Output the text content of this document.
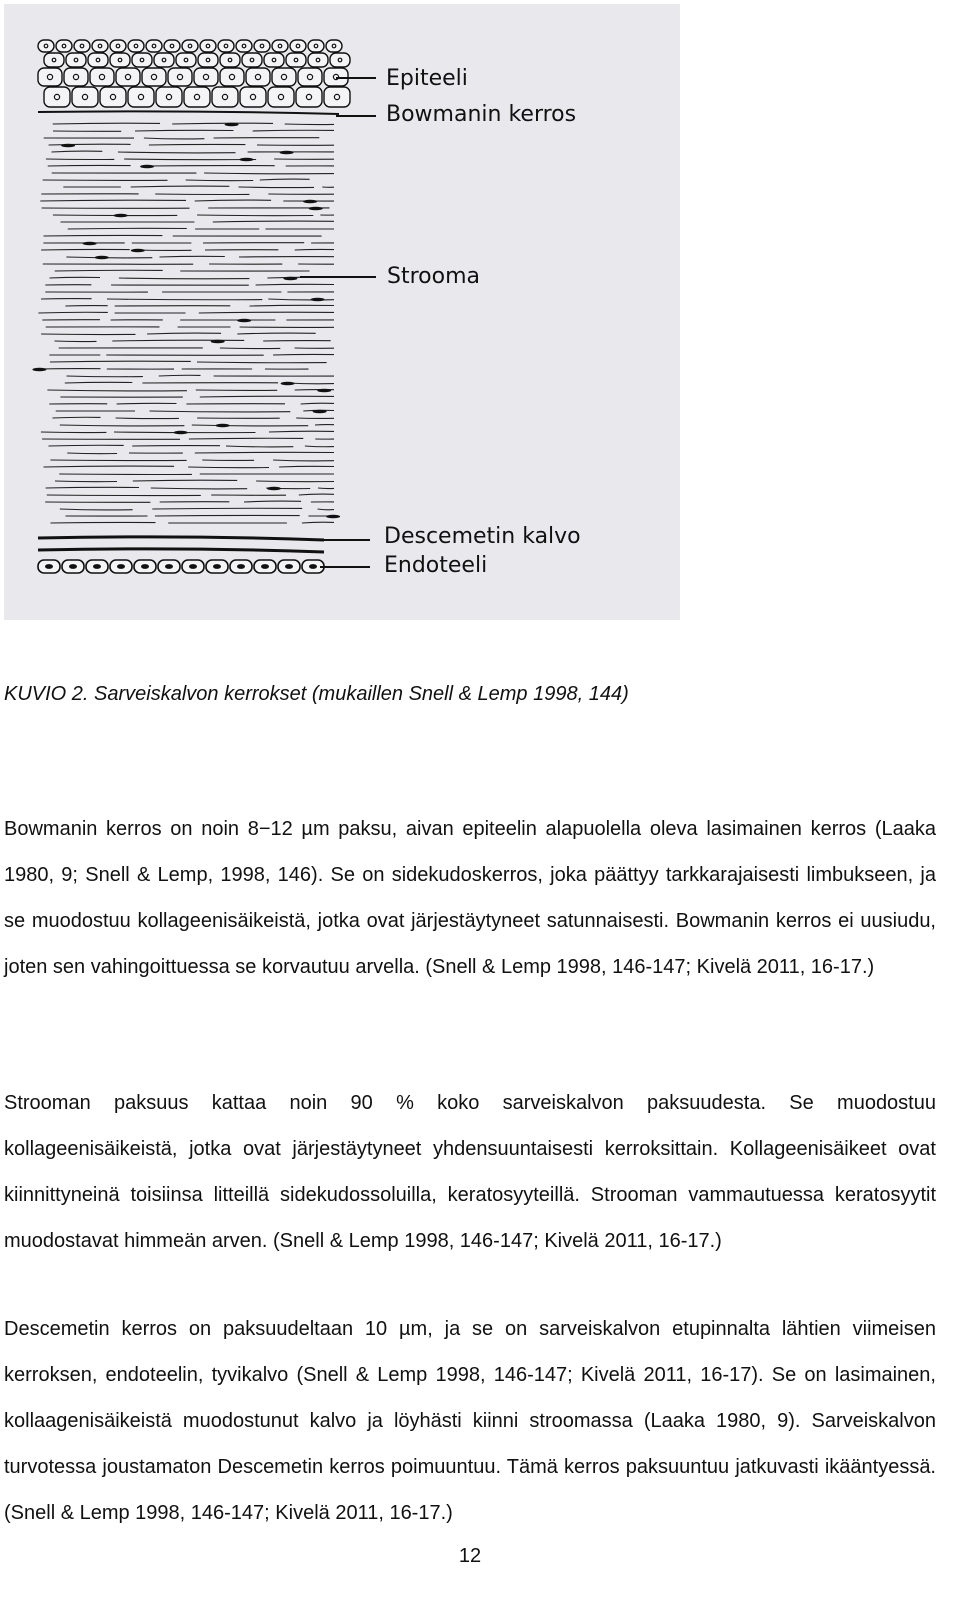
Epiteeli
Bowmanin kerros
Strooma
Descemetin kalvo
Endoteeli
KUVIO 2. Sarveiskalvon kerrokset (mukaillen Snell & Lemp 1998, 144)

Bowmanin kerros on noin 8−12 µm paksu, aivan epiteelin alapuolella oleva lasimainen kerros (Laaka 1980, 9; Snell & Lemp, 1998, 146). Se on sidekudoskerros, joka päättyy tarkkarajaisesti limbukseen, ja se muodostuu kollageenisäikeistä, jotka ovat järjestäytyneet satunnaisesti. Bowmanin kerros ei uusiudu, joten sen vahingoittuessa se korvautuu arvella. (Snell & Lemp 1998, 146-147; Kivelä 2011, 16-17.)

Strooman paksuus kattaa noin 90 % koko sarveiskalvon paksuudesta. Se muodostuu kollageenisäikeistä, jotka ovat järjestäytyneet yhdensuuntaisesti kerroksittain. Kollageenisäikeet ovat kiinnittyneinä toisiinsa litteillä sidekudossoluilla, keratosyyteillä. Strooman vammautuessa keratosyytit muodostavat himmeän arven. (Snell & Lemp 1998, 146-147; Kivelä 2011, 16-17.)

Descemetin kerros on paksuudeltaan 10 µm, ja se on sarveiskalvon etupinnalta lähtien viimeisen kerroksen, endoteelin, tyvikalvo (Snell & Lemp 1998, 146-147; Kivelä 2011, 16-17). Se on lasimainen, kollaagenisäikeistä muodostunut kalvo ja löyhästi kiinni stroomassa (Laaka 1980, 9). Sarveiskalvon turvotessa joustamaton Descemetin kerros poimuuntuu. Tämä kerros paksuuntuu jatkuvasti ikääntyessä. (Snell & Lemp 1998, 146-147; Kivelä 2011, 16-17.)

12
